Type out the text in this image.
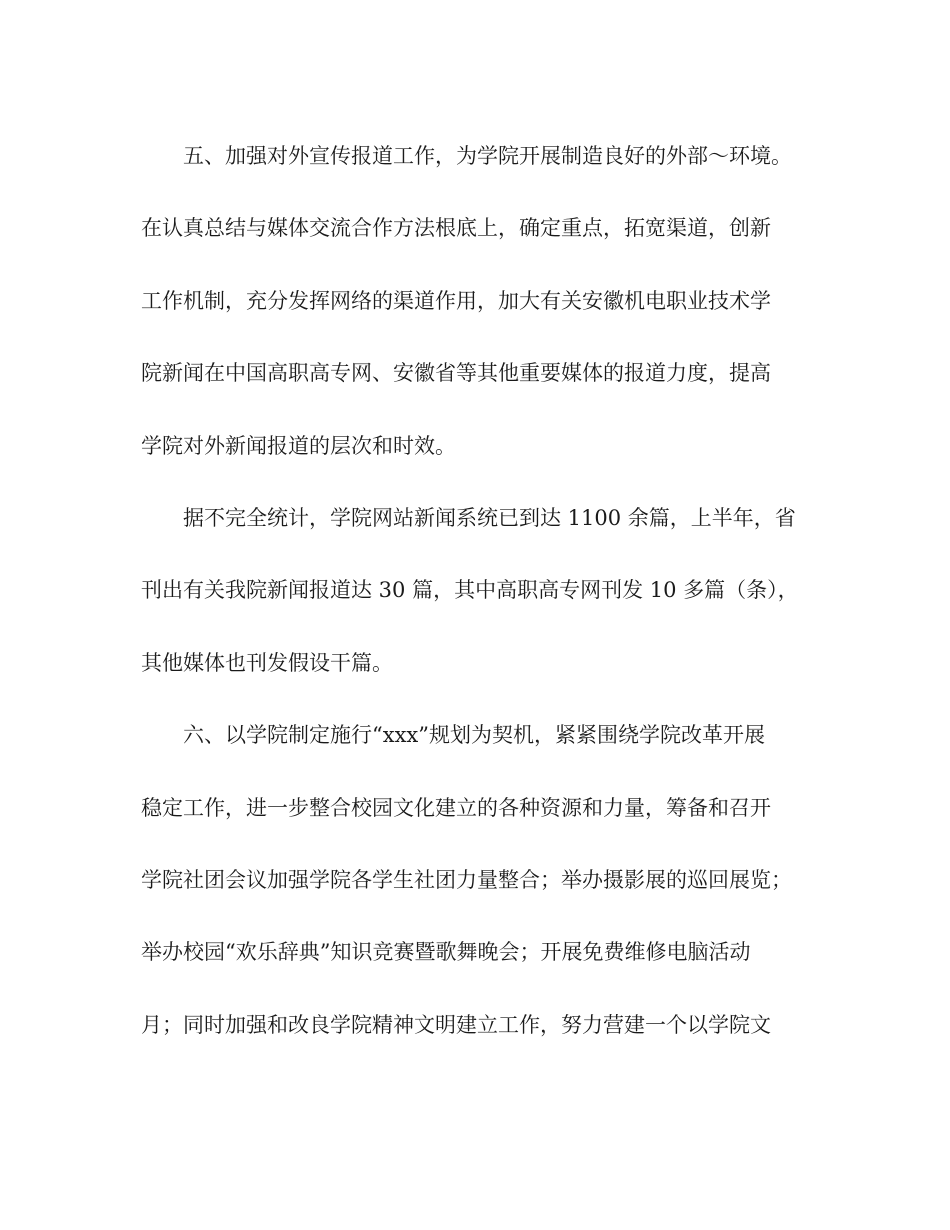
五、加强对外宣传报道工作，为学院开展制造良好的外部～环境。
在认真总结与媒体交流合作方法根底上，确定重点，拓宽渠道，创新
工作机制，充分发挥网络的渠道作用，加大有关安徽机电职业技术学
院新闻在中国高职高专网、安徽省等其他重要媒体的报道力度，提高
学院对外新闻报道的层次和时效。
据不完全统计，学院网站新闻系统已到达 1100 余篇，上半年，省
刊出有关我院新闻报道达 30 篇，其中高职高专网刊发 10 多篇（条），
其他媒体也刊发假设干篇。
六、以学院制定施行“xxx”规划为契机，紧紧围绕学院改革开展
稳定工作，进一步整合校园文化建立的各种资源和力量，筹备和召开
学院社团会议加强学院各学生社团力量整合；举办摄影展的巡回展览；
举办校园“欢乐辞典”知识竞赛暨歌舞晚会；开展免费维修电脑活动
月；同时加强和改良学院精神文明建立工作，努力营建一个以学院文
